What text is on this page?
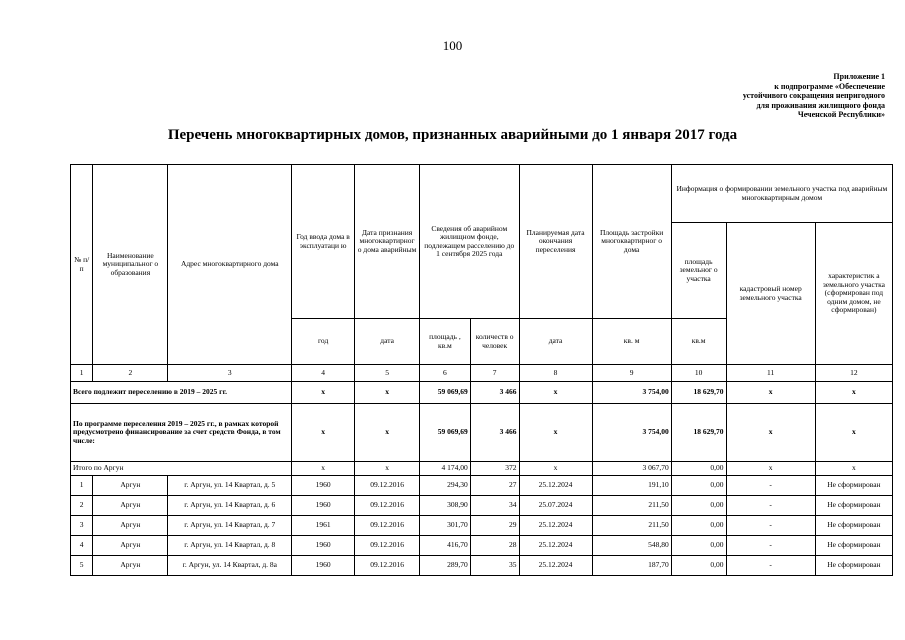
100
Приложение 1
к подпрограмме «Обеспечение
устойчивого сокращения непригодного
для проживания жилищного фонда
Чеченской Республики»
Перечень многоквартирных домов, признанных аварийными до 1 января 2017 года
№ п/п	Наименование муниципальног о образования	Адрес многоквартирного дома	Год ввода дома в эксплуатаци ю	Дата признания многоквартирног о дома аварийным	Сведения об аварийном жилищном фонде, подлежащем расселению до 1 сентября 2025 года		Планируемая дата окончания переселения	Площадь застройки многоквартирног о дома	Информация о формировании земельного участка под аварийным многоквартирным домом		
									площадь земельног о участка	кадастровый номер земельного участка	характеристик а земельного участка (сформирован под одним домом, не сформирован)
			год	дата	площадь , кв.м	количеств о человек	дата	кв. м	кв.м		
1	2	3	4	5	6	7	8	9	10	11	12
Всего подлежит переселению в 2019 – 2025 гг.			х	х	59 069,69	3 466	х	3 754,00	18 629,70	х	х
По программе переселения 2019 – 2025 гг., в рамках которой предусмотрено финансирование за счет средств Фонда, в том числе:			х	х	59 069,69	3 466	х	3 754,00	18 629,70	х	х
Итого по Аргун			х	х	4 174,00	372	х	3 067,70	0,00	х	х
1	Аргун	г. Аргун, ул. 14 Квартал, д. 5	1960	09.12.2016	294,30	27	25.12.2024	191,10	0,00	-	Не сформирован
2	Аргун	г. Аргун, ул. 14 Квартал, д. 6	1960	09.12.2016	308,90	34	25.07.2024	211,50	0,00	-	Не сформирован
3	Аргун	г. Аргун, ул. 14 Квартал, д. 7	1961	09.12.2016	301,70	29	25.12.2024	211,50	0,00	-	Не сформирован
4	Аргун	г. Аргун, ул. 14 Квартал, д. 8	1960	09.12.2016	416,70	28	25.12.2024	548,80	0,00	-	Не сформирован
5	Аргун	г. Аргун, ул. 14 Квартал, д. 8а	1960	09.12.2016	289,70	35	25.12.2024	187,70	0,00	-	Не сформирован
